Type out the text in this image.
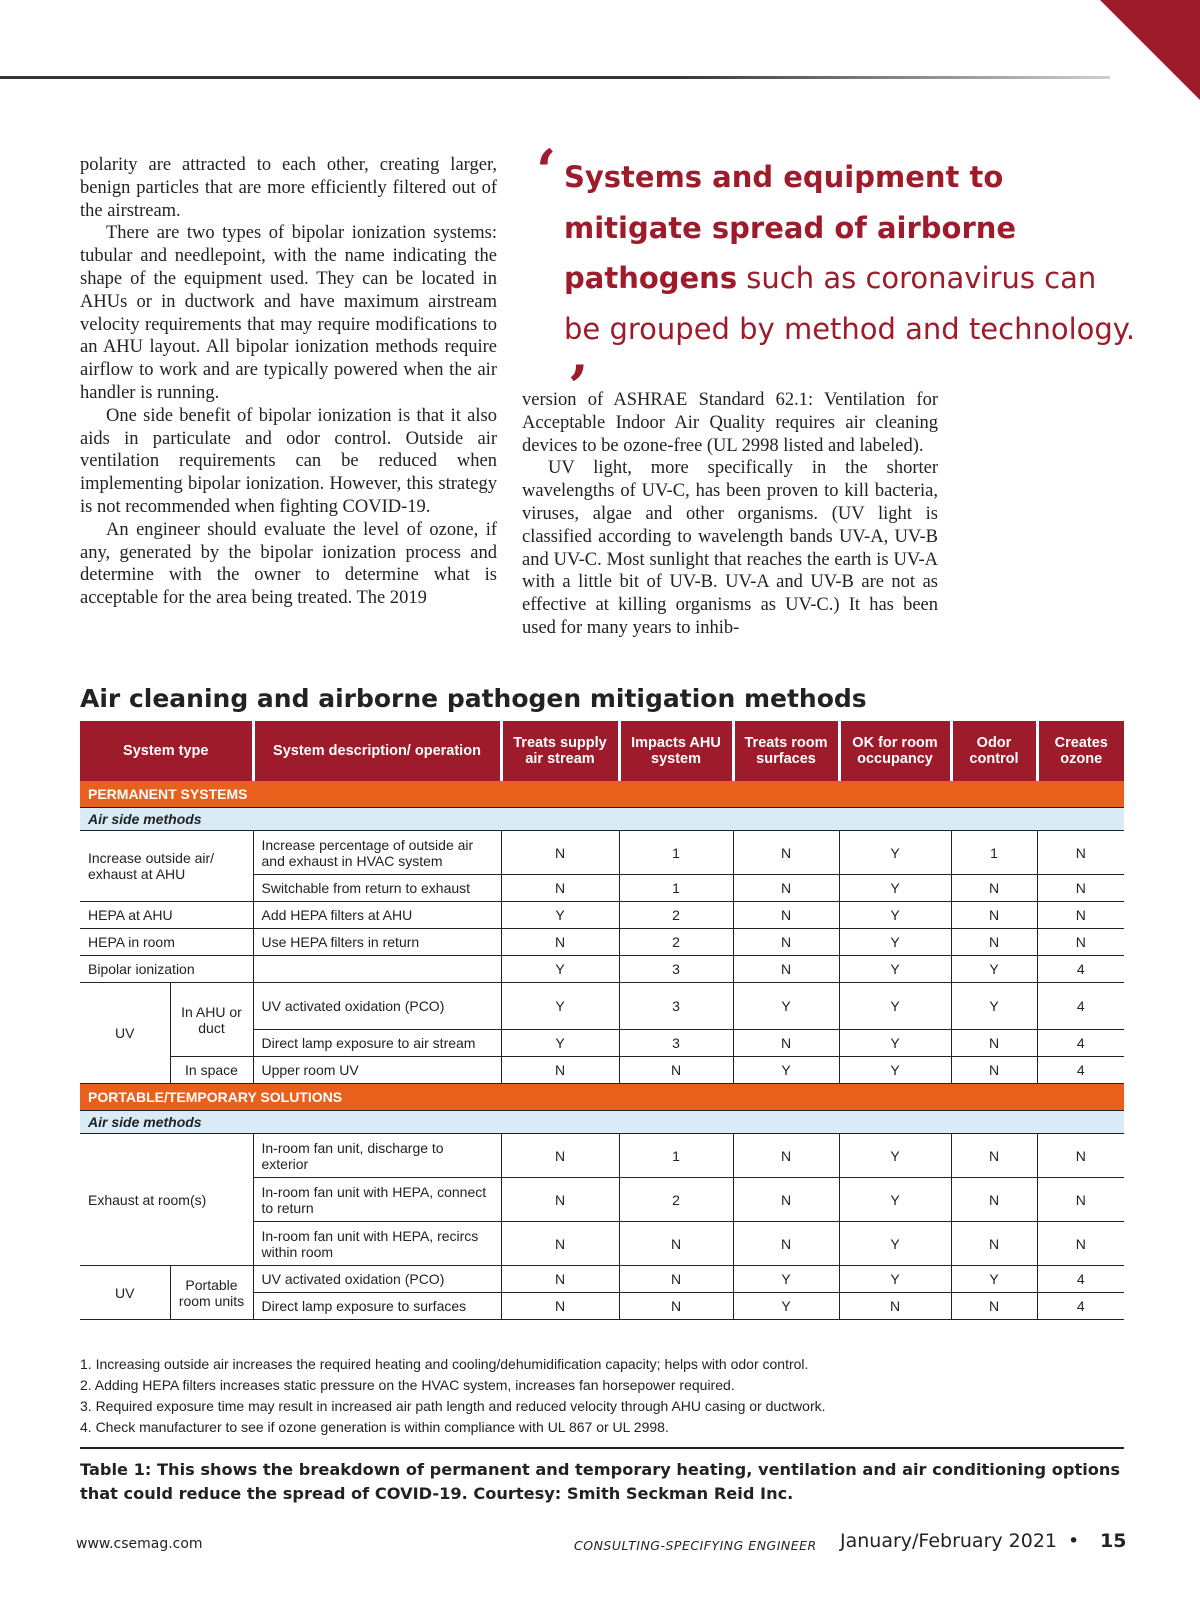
polarity are attracted to each other, creating larger, benign particles that are more efficiently filtered out of the airstream.

There are two types of bipolar ionization systems: tubular and needlepoint, with the name indicating the shape of the equipment used. They can be located in AHUs or in ductwork and have maximum airstream velocity requirements that may require modifications to an AHU layout. All bipolar ionization methods require airflow to work and are typically powered when the air handler is running.

One side benefit of bipolar ionization is that it also aids in particulate and odor control. Outside air ventilation requirements can be reduced when implementing bipolar ionization. However, this strategy is not recommended when fighting COVID-19.

An engineer should evaluate the level of ozone, if any, generated by the bipolar ionization process and determine with the owner to determine what is acceptable for the area being treated. The 2019

‘ Systems and equipment to mitigate spread of airborne pathogens such as coronavirus can be grouped by method and technology.’

version of ASHRAE Standard 62.1: Ventilation for Acceptable Indoor Air Quality requires air cleaning devices to be ozone-free (UL 2998 listed and labeled).

UV light, more specifically in the shorter wavelengths of UV-C, has been proven to kill bacteria, viruses, algae and other organisms. (UV light is classified according to wavelength bands UV-A, UV-B and UV-C. Most sunlight that reaches the earth is UV-A with a little bit of UV-B. UV-A and UV-B are not as effective at killing organisms as UV-C.) It has been used for many years to inhib-

Air cleaning and airborne pathogen mitigation methods
System type		System description/ operation	Treats supply air stream	Impacts AHU system	Treats room surfaces	OK for room occupancy	Odor control	Creates ozone
PERMANENT SYSTEMS								
Air side methods								
Increase outside air/ exhaust at AHU		Increase percentage of outside air and exhaust in HVAC system	N	1	N	Y	1	N
		Switchable from return to exhaust	N	1	N	Y	N	N
HEPA at AHU		Add HEPA filters at AHU	Y	2	N	Y	N	N
HEPA in room		Use HEPA filters in return	N	2	N	Y	N	N
Bipolar ionization			Y	3	N	Y	Y	4
UV	In AHU or duct	UV activated oxidation (PCO)	Y	3	Y	Y	Y	4
		Direct lamp exposure to air stream	Y	3	N	Y	N	4
	In space	Upper room UV	N	N	Y	Y	N	4
PORTABLE/TEMPORARY SOLUTIONS								
Air side methods								
Exhaust at room(s)		In-room fan unit, discharge to exterior	N	1	N	Y	N	N
		In-room fan unit with HEPA, connect to return	N	2	N	Y	N	N
		In-room fan unit with HEPA, recircs within room	N	N	N	Y	N	N
UV	Portable room units	UV activated oxidation (PCO)	N	N	Y	Y	Y	4
		Direct lamp exposure to surfaces	N	N	Y	N	N	4
1. Increasing outside air increases the required heating and cooling/dehumidification capacity; helps with odor control.
2. Adding HEPA filters increases static pressure on the HVAC system, increases fan horsepower required.
3. Required exposure time may result in increased air path length and reduced velocity through AHU casing or ductwork.
4. Check manufacturer to see if ozone generation is within compliance with UL 867 or UL 2998.
Table 1: This shows the breakdown of permanent and temporary heating, ventilation and air conditioning options that could reduce the spread of COVID-19. Courtesy: Smith Seckman Reid Inc.
www.csemag.com	CONSULTING-SPECIFYING ENGINEER January/February 2021 • 15
